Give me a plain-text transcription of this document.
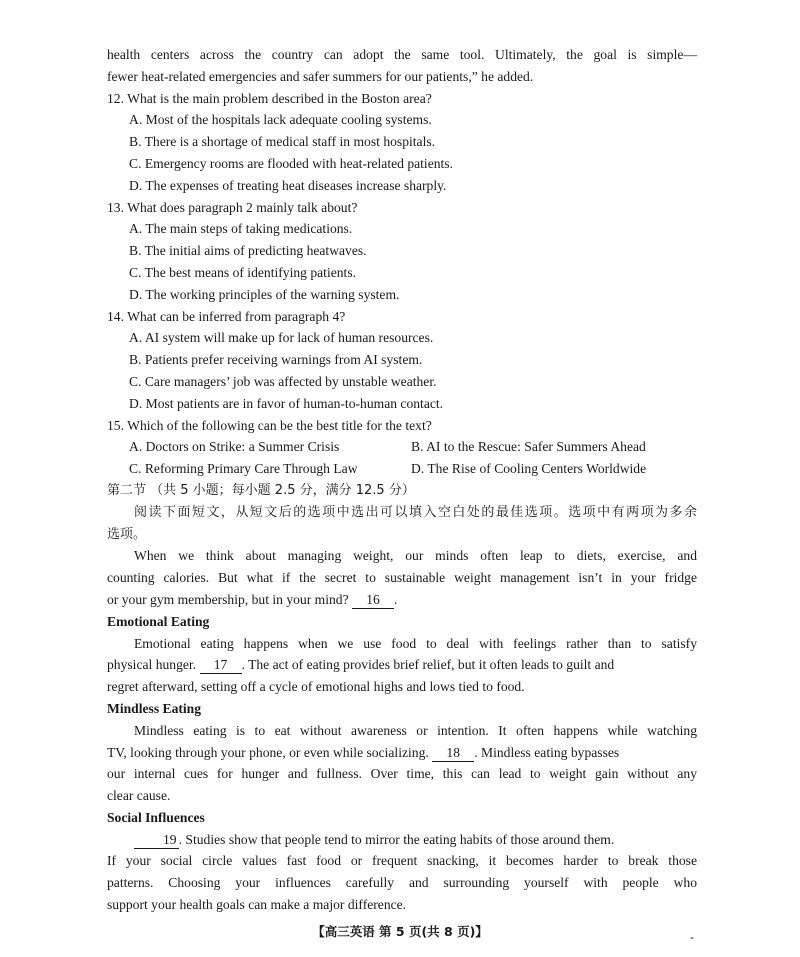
health centers across the country can adopt the same tool. Ultimately, the goal is simple—
fewer heat-related emergencies and safer summers for our patients,” he added.
12. What is the main problem described in the Boston area?
A. Most of the hospitals lack adequate cooling systems.
B. There is a shortage of medical staff in most hospitals.
C. Emergency rooms are flooded with heat-related patients.
D. The expenses of treating heat diseases increase sharply.
13. What does paragraph 2 mainly talk about?
A. The main steps of taking medications.
B. The initial aims of predicting heatwaves.
C. The best means of identifying patients.
D. The working principles of the warning system.
14. What can be inferred from paragraph 4?
A. AI system will make up for lack of human resources.
B. Patients prefer receiving warnings from AI system.
C. Care managers’ job was affected by unstable weather.
D. Most patients are in favor of human-to-human contact.
15. Which of the following can be the best title for the text?
A. Doctors on Strike: a Summer Crisis	B. AI to the Rescue: Safer Summers Ahead
C. Reforming Primary Care Through Law	D. The Rise of Cooling Centers Worldwide
第二节 （共 5 小题；每小题 2.5 分，满分 12.5 分）
阅读下面短文，从短文后的选项中选出可以填入空白处的最佳选项。选项中有两项为多余
选项。
When we think about managing weight, our minds often leap to diets, exercise, and
counting calories. But what if the secret to sustainable weight management isn’t in your fridge
or your gym membership, but in your mind? 16 .
Emotional Eating
Emotional eating happens when we use food to deal with feelings rather than to satisfy
physical hunger. 17 . The act of eating provides brief relief, but it often leads to guilt and
regret afterward, setting off a cycle of emotional highs and lows tied to food.
Mindless Eating
Mindless eating is to eat without awareness or intention. It often happens while watching
TV, looking through your phone, or even while socializing. 18 . Mindless eating bypasses
our internal cues for hunger and fullness. Over time, this can lead to weight gain without any
clear cause.
Social Influences
19 . Studies show that people tend to mirror the eating habits of those around them.
If your social circle values fast food or frequent snacking, it becomes harder to break those
patterns. Choosing your influences carefully and surrounding yourself with people who
support your health goals can make a major difference.
【高三英语 第 5 页(共 8 页)】	-
